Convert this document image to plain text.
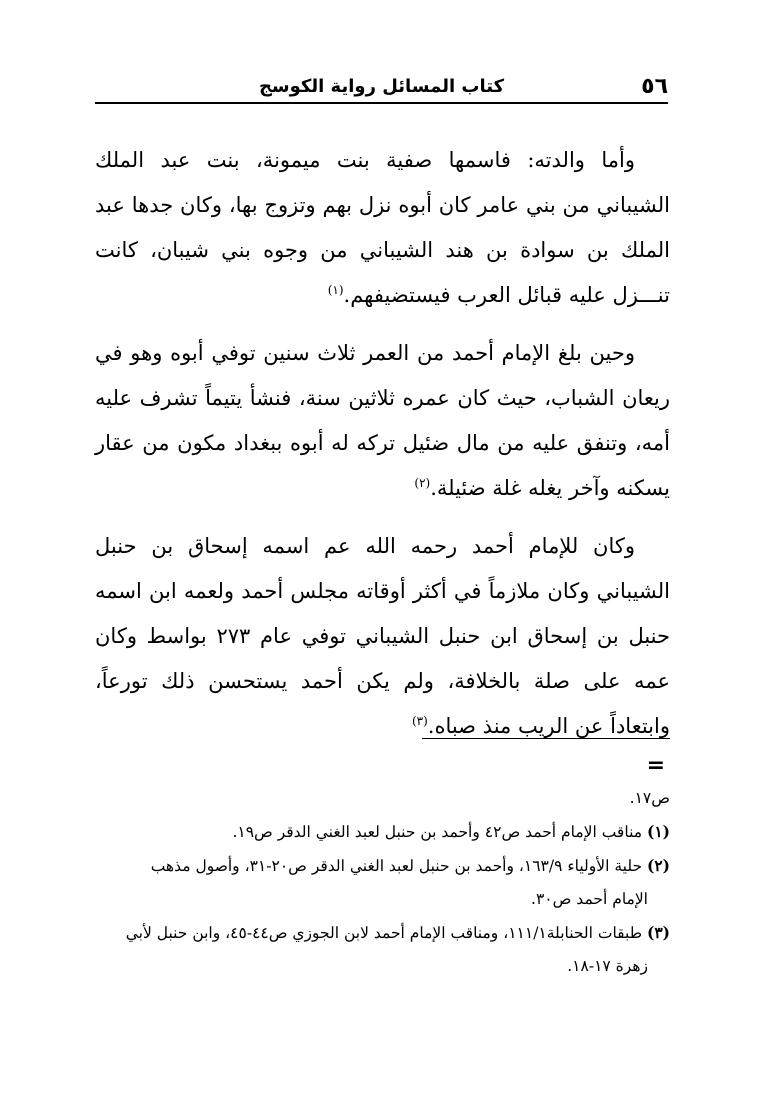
٥٦
كتاب المسائل رواية الكوسج

وأما والدته: فاسمها صفية بنت ميمونة، بنت عبد الملك الشيباني من بني عامر كان أبوه نزل بهم وتزوج بها، وكان جدها عبد الملك بن سوادة بن هند الشيباني من وجوه بني شيبان، كانت تنـــزل عليه قبائل العرب فيستضيفهم.$^{(١)}$

وحين بلغ الإمام أحمد من العمر ثلاث سنين توفي أبوه وهو في ريعان الشباب، حيث كان عمره ثلاثين سنة، فنشأ يتيماً تشرف عليه أمه، وتنفق عليه من مال ضئيل تركه له أبوه ببغداد مكون من عقار يسكنه وآخر يغله غلة ضئيلة.$^{(٢)}$

وكان للإمام أحمد رحمه الله عم اسمه إسحاق بن حنبل الشيباني وكان ملازماً في أكثر أوقاته مجلس أحمد ولعمه ابن اسمه حنبل بن إسحاق ابن حنبل الشيباني توفي عام ٢٧٣ بواسط وكان عمه على صلة بالخلافة، ولم يكن أحمد يستحسن ذلك تورعاً، وابتعاداً عن الريب منذ صباه.$^{(٣)}$

=

ص١٧.

(١) مناقب الإمام أحمد ص٤٢ وأحمد بن حنبل لعبد الغني الدقر ص١٩.

(٢) حلية الأولياء ١٦٣/٩، وأحمد بن حنبل لعبد الغني الدقر ص٢٠-٣١، وأصول مذهب
الإمام أحمد ص٣٠.

(٣) طبقات الحنابلة١١١/١، ومناقب الإمام أحمد لابن الجوزي ص٤٤-٤٥، وابن حنبل لأبي
زهرة ١٧-١٨.
